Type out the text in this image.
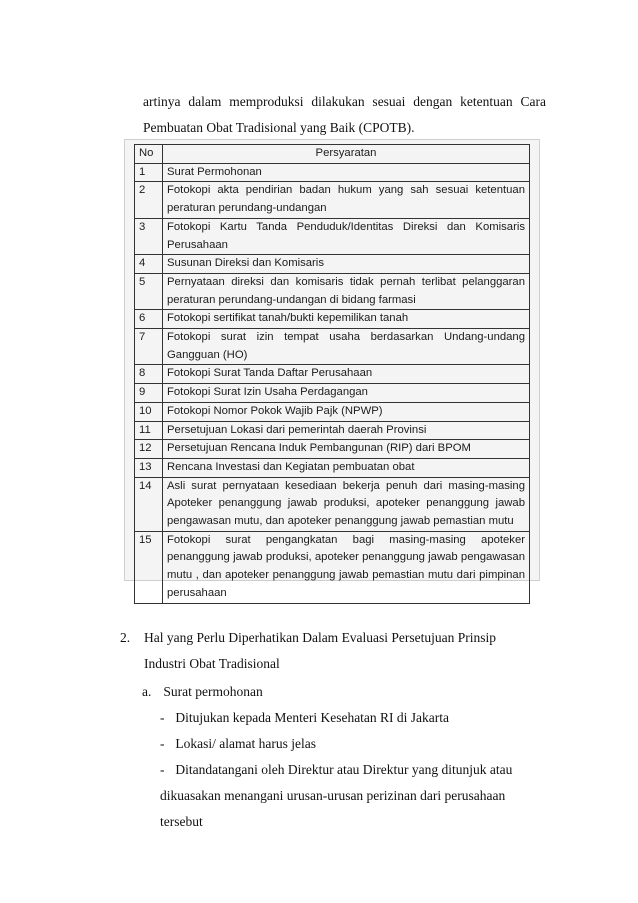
artinya dalam memproduksi dilakukan sesuai dengan ketentuan Cara
Pembuatan Obat Tradisional yang Baik (CPOTB).
No	Persyaratan
1	Surat Permohonan
2	Fotokopi akta pendirian badan hukum yang sah sesuai ketentuan peraturan perundang-undangan
3	Fotokopi Kartu Tanda Penduduk/Identitas Direksi dan Komisaris Perusahaan
4	Susunan Direksi dan Komisaris
5	Pernyataan direksi dan komisaris tidak pernah terlibat pelanggaran peraturan perundang-undangan di bidang farmasi
6	Fotokopi sertifikat tanah/bukti kepemilikan tanah
7	Fotokopi surat izin tempat usaha berdasarkan Undang-undang Gangguan (HO)
8	Fotokopi Surat Tanda Daftar Perusahaan
9	Fotokopi Surat Izin Usaha Perdagangan
10	Fotokopi Nomor Pokok Wajib Pajk (NPWP)
11	Persetujuan Lokasi dari pemerintah daerah Provinsi
12	Persetujuan Rencana Induk Pembangunan (RIP) dari BPOM
13	Rencana Investasi dan Kegiatan pembuatan obat
14	Asli surat pernyataan kesediaan bekerja penuh dari masing-masing Apoteker penanggung jawab produksi, apoteker penanggung jawab pengawasan mutu, dan apoteker penanggung jawab pemastian mutu
15	Fotokopi surat pengangkatan bagi masing-masing apoteker penanggung jawab produksi, apoteker penanggung jawab pengawasan mutu , dan apoteker penanggung jawab pemastian mutu dari pimpinan perusahaan
2. Hal yang Perlu Diperhatikan Dalam Evaluasi Persetujuan Prinsip
Industri Obat Tradisional
a. Surat permohonan
- Ditujukan kepada Menteri Kesehatan RI di Jakarta
- Lokasi/ alamat harus jelas
- Ditandatangani oleh Direktur atau Direktur yang ditunjuk atau
dikuasakan menangani urusan-urusan perizinan dari perusahaan
tersebut
